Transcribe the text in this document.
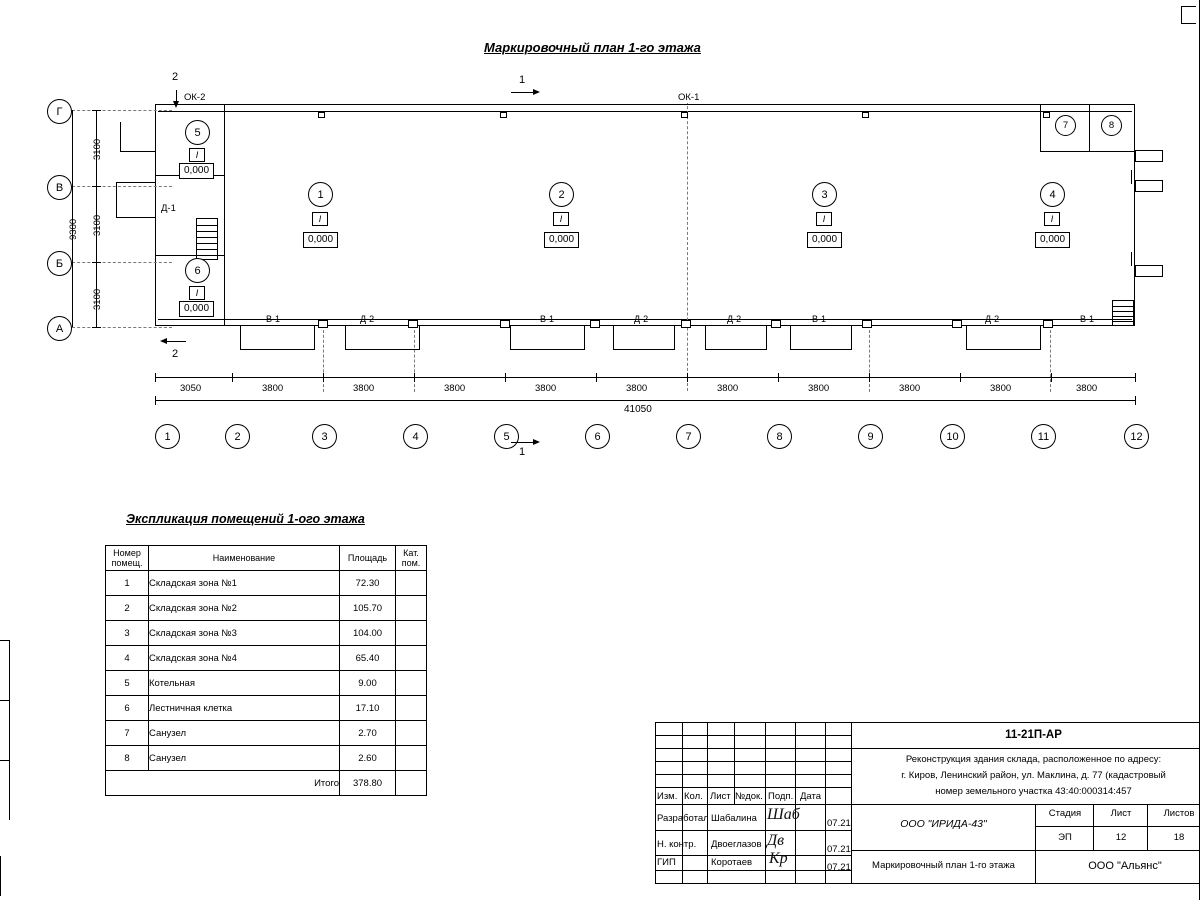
Маркировочный план 1-го этажа
Экспликация помещений 1-ого этажа
1
I
0,000
2
I
0,000
3
I
0,000
4
I
0,000
5
I
0,000
6
I
0,000
7	8
ОК-2	ОК-1
Д-1
В-1	Д-2	В-1	Д-2	Д-2	В-1	Д-2	В-1
3100
3100
3100
9300
Г
В
Б
А
3050	3800	3800	3800	3800	3800	3800	3800	3800	3800	3800
41050
1	2	3	4	5	6	7	8	9	10	11	12
1
1
2
2
Номер помещ.	Наименование	Площадь	Кат. пом.
1	Складская зона №1	72.30	
2	Складская зона №2	105.70	
3	Складская зона №3	104.00	
4	Складская зона №4	65.40	
5	Котельная	9.00	
6	Лестничная клетка	17.10	
7	Санузел	2.70	
8	Санузел	2.60	
Итого		378.80	
Изм. Кол. Лист №док. Подп. Дата
Разработал Шабалина	07.21
Н. контр. Двоеглазов	07.21
ГИП	Коротаев	07.21
Шаб
Дв
Кр
11-21П-АР
Реконструкция здания склада, расположенное по адресу:
г. Киров, Ленинский район, ул. Маклина, д. 77 (кадастровый
номер земельного участка 43:40:000314:457
ООО "ИРИДА-43"
Стадия	Лист	Листов
ЭП	12	18
Маркировочный план 1-го этажа	ООО "Альянс"
